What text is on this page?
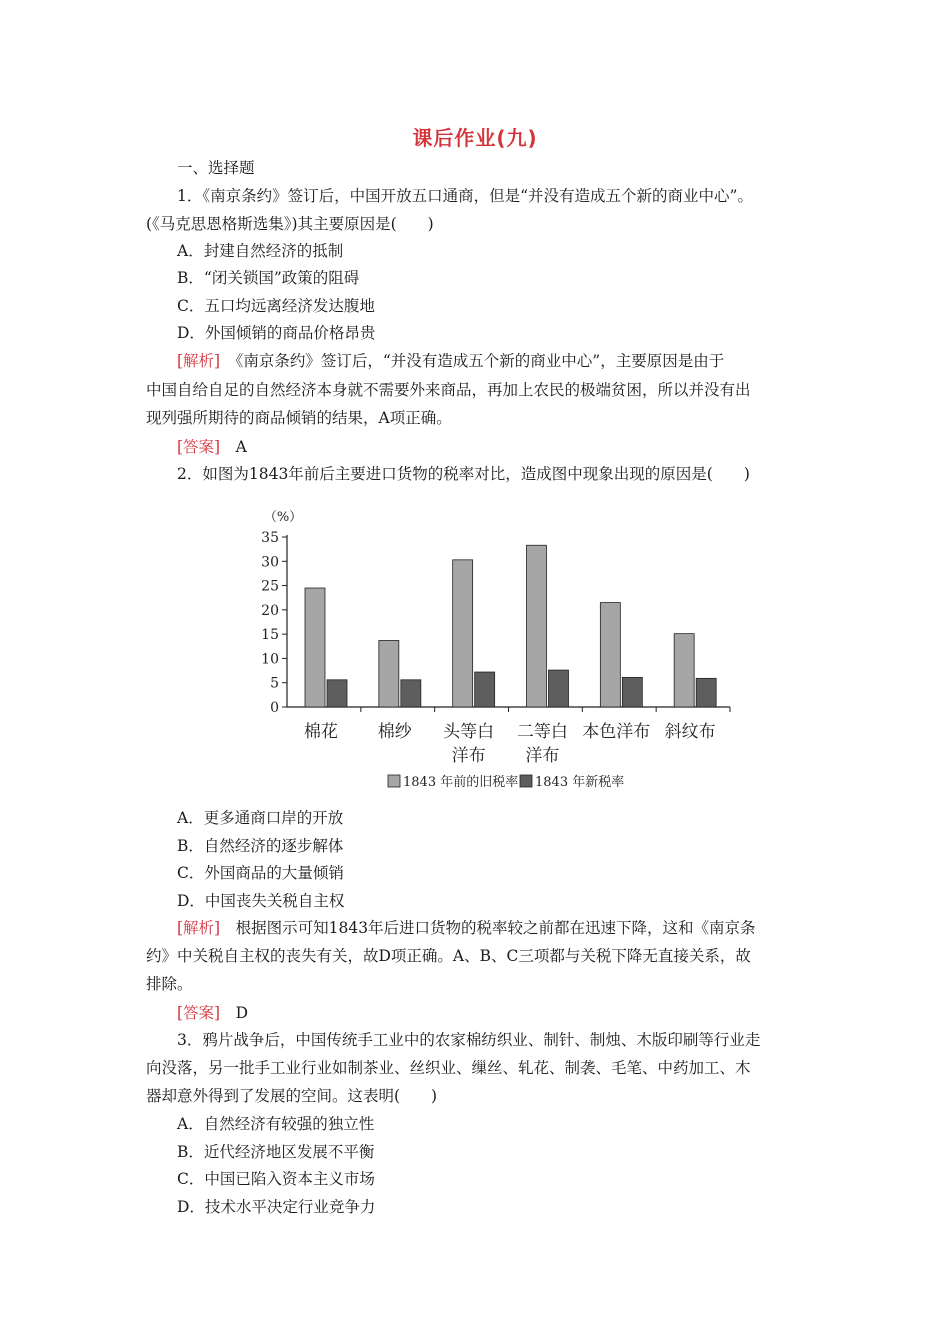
课后作业(九)
一、选择题
1．《南京条约》签订后，中国开放五口通商，但是“并没有造成五个新的商业中心”。
(《马克思恩格斯选集》)其主要原因是(　　)
A．封建自然经济的抵制
B．“闭关锁国”政策的阻碍
C．五口均远离经济发达腹地
D．外国倾销的商品价格昂贵
[解析]　《南京条约》签订后，“并没有造成五个新的商业中心”，主要原因是由于
中国自给自足的自然经济本身就不需要外来商品，再加上农民的极端贫困，所以并没有出
现列强所期待的商品倾销的结果，A项正确。
[答案]　 A
2．如图为1843年前后主要进口货物的税率对比，造成图中现象出现的原因是(　　)
（%）
0
5
10
15
20
25
30
35
棉花 棉纱 头等白
洋布
二等白
洋布
本色洋布 斜纹布
1843 年前的旧税率 1843 年新税率
A．更多通商口岸的开放
B．自然经济的逐步解体
C．外国商品的大量倾销
D．中国丧失关税自主权
[解析]　根据图示可知1843年后进口货物的税率较之前都在迅速下降，这和《南京条
约》中关税自主权的丧失有关，故D项正确。A、B、C三项都与关税下降无直接关系，故
排除。
[答案]　 D
3．鸦片战争后，中国传统手工业中的农家棉纺织业、制针、制烛、木版印刷等行业走
向没落，另一批手工业行业如制茶业、丝织业、缫丝、轧花、制袭、毛笔、中药加工、木
器却意外得到了发展的空间。这表明(　　)
A．自然经济有较强的独立性
B．近代经济地区发展不平衡
C．中国已陷入资本主义市场
D．技术水平决定行业竞争力
